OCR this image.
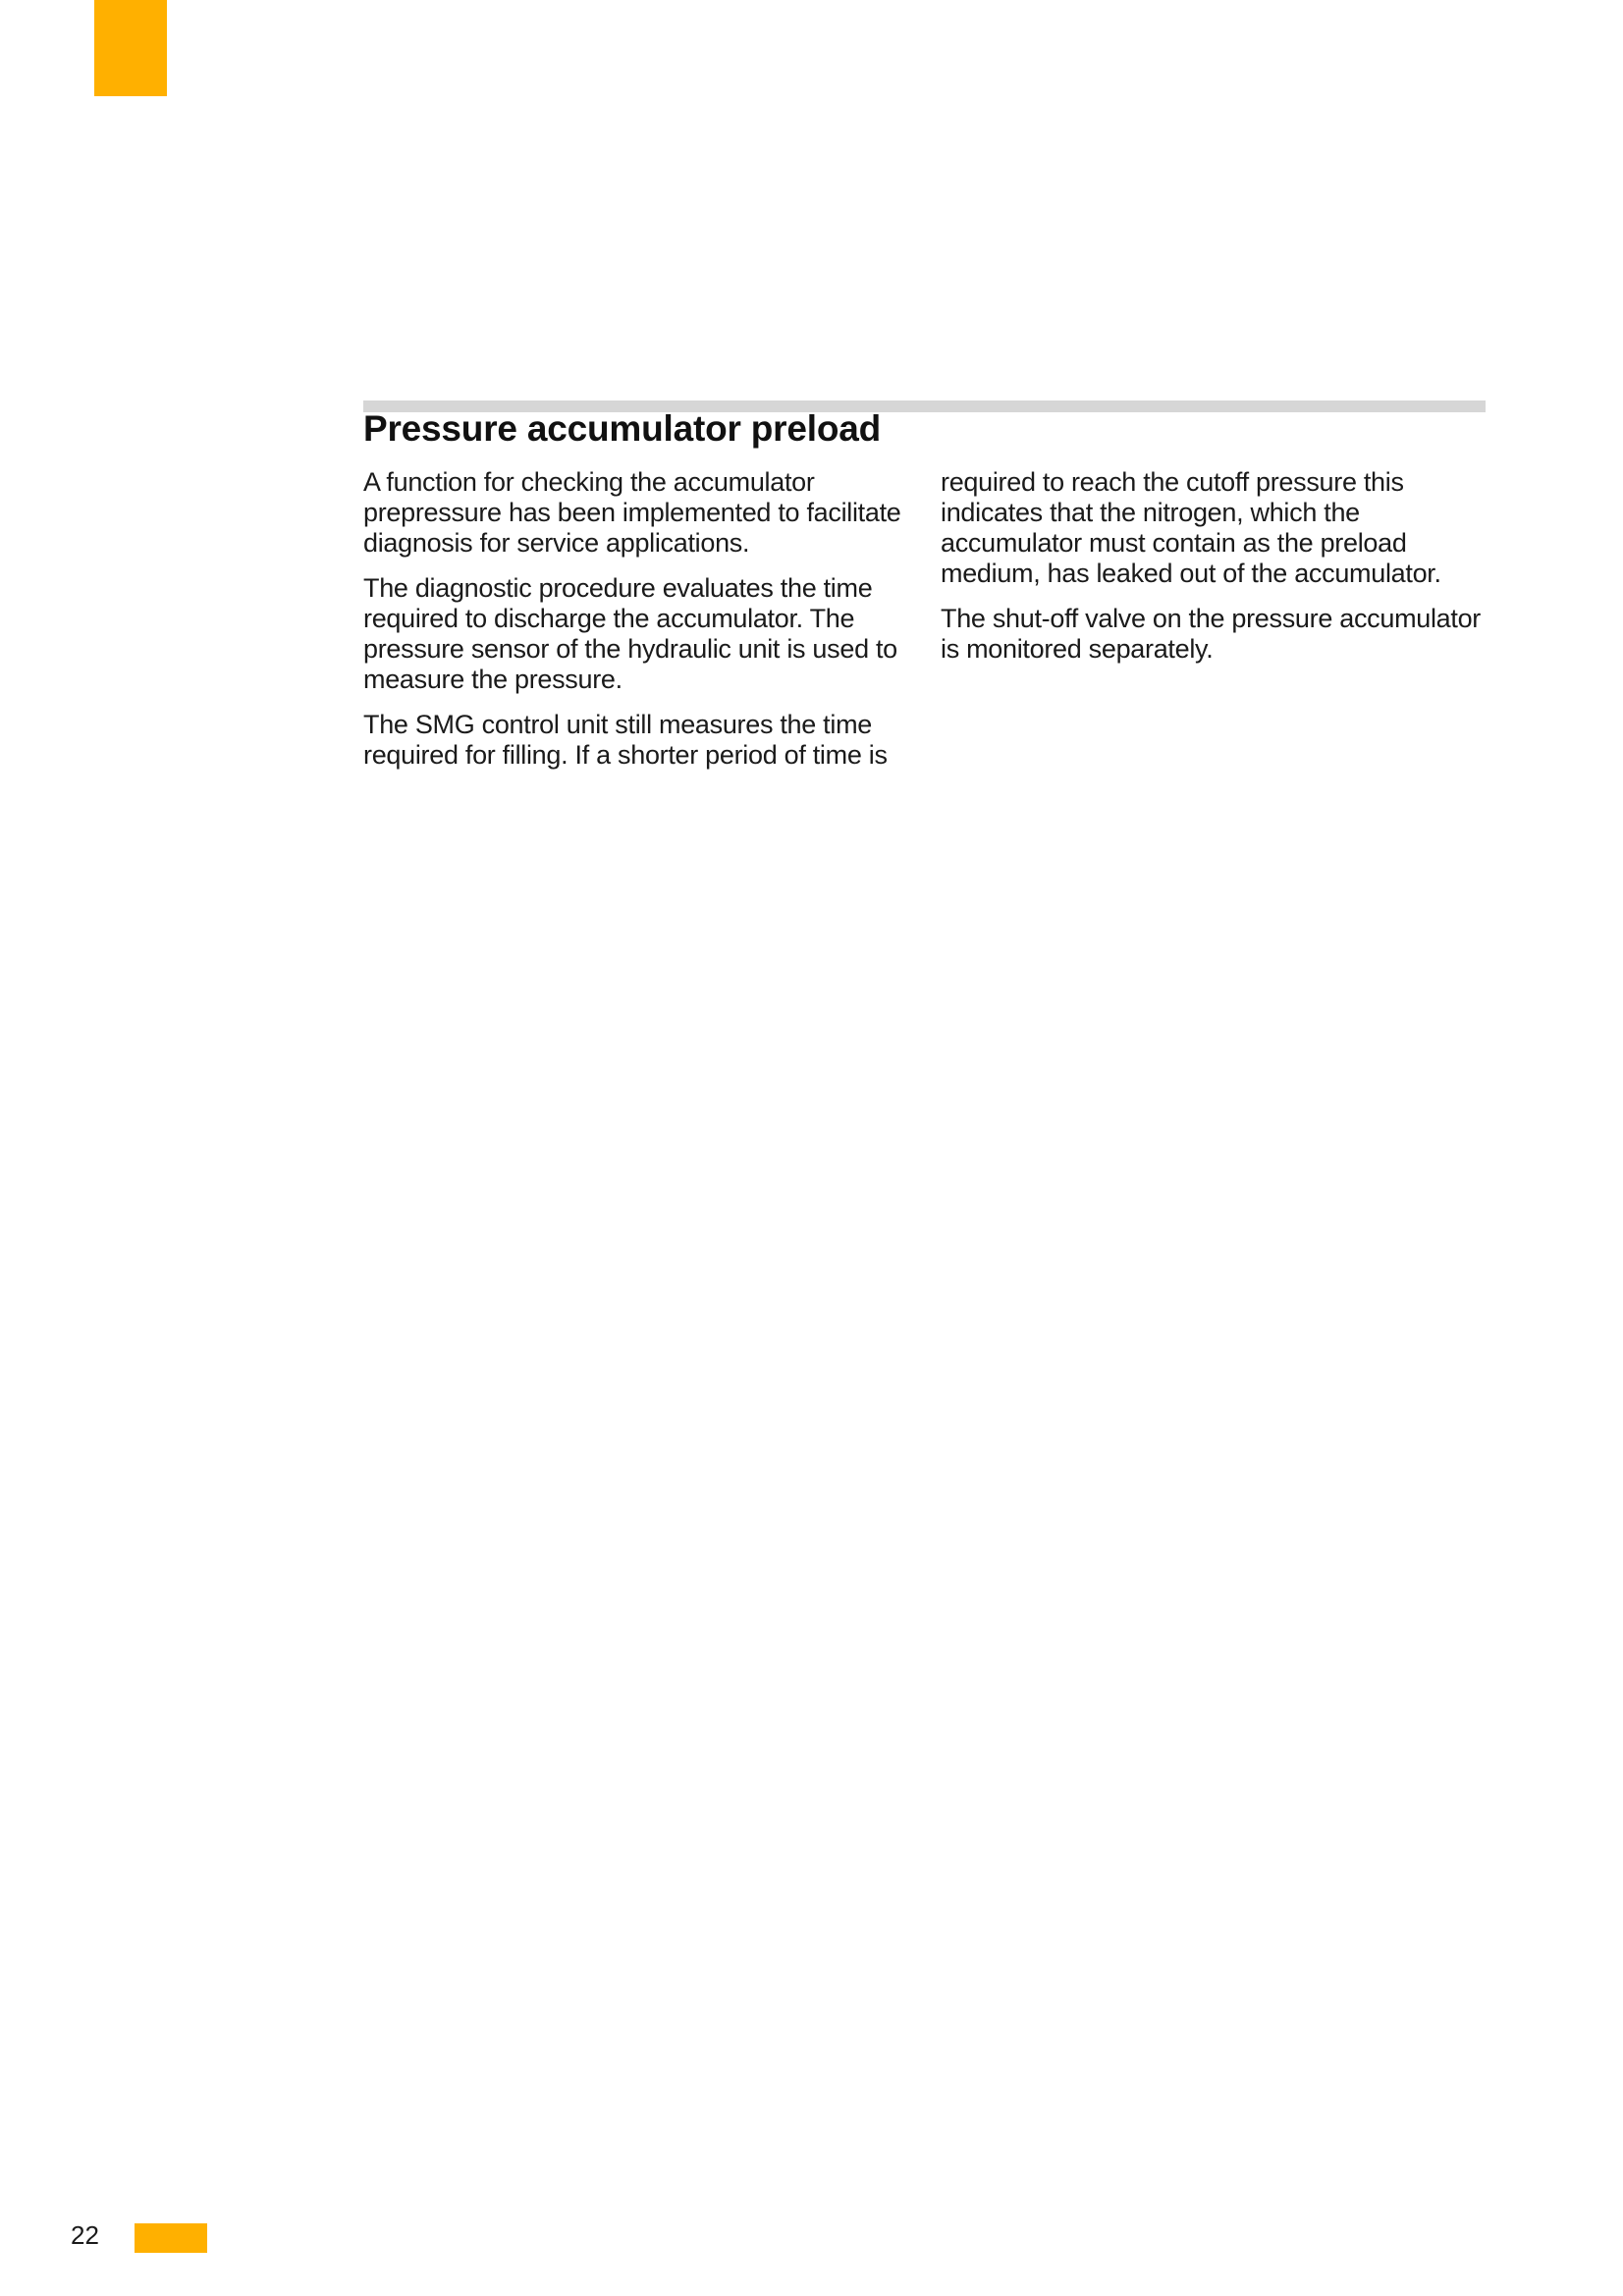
Pressure accumulator preload

A function for checking the accumulator prepressure has been implemented to facilitate diagnosis for service applications.

The diagnostic procedure evaluates the time required to discharge the accumulator. The pressure sensor of the hydraulic unit is used to measure the pressure.

The SMG control unit still measures the time required for filling. If a shorter period of time is

required to reach the cutoff pressure this indicates that the nitrogen, which the accumulator must contain as the preload medium, has leaked out of the accumulator.

The shut-off valve on the pressure accumulator is monitored separately.

22
